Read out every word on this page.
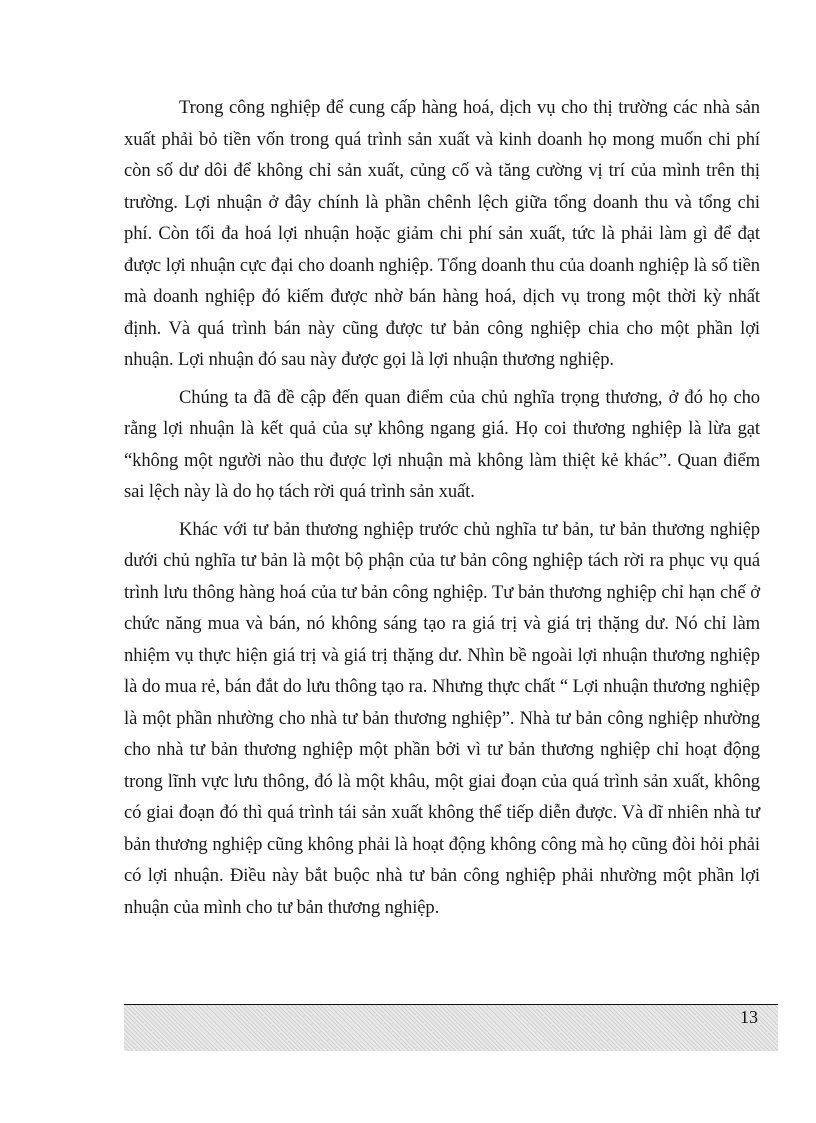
Trong công nghiệp để cung cấp hàng hoá, dịch vụ cho thị trường các nhà sản xuất phải bỏ tiền vốn trong quá trình sản xuất và kinh doanh họ mong muốn chi phí còn số dư dôi để không chỉ sản xuất, củng cố và tăng cường vị trí của mình trên thị trường. Lợi nhuận ở đây chính là phần chênh lệch giữa tổng doanh thu và tổng chi phí. Còn tối đa hoá lợi nhuận hoặc giảm chi phí sản xuất, tức là phải làm gì để đạt được lợi nhuận cực đại cho doanh nghiệp. Tổng doanh thu của doanh nghiệp là số tiền mà doanh nghiệp đó kiếm được nhờ bán hàng hoá, dịch vụ trong một thời kỳ nhất định. Và quá trình bán này cũng được tư bản công nghiệp chia cho một phần lợi nhuận. Lợi nhuận đó sau này được gọi là lợi nhuận thương nghiệp.

Chúng ta đã đề cập đến quan điểm của chủ nghĩa trọng thương, ở đó họ cho rằng lợi nhuận là kết quả của sự không ngang giá. Họ coi thương nghiệp là lừa gạt “không một người nào thu được lợi nhuận mà không làm thiệt kẻ khác”. Quan điểm sai lệch này là do họ tách rời quá trình sản xuất.

Khác với tư bản thương nghiệp trước chủ nghĩa tư bản, tư bản thương nghiệp dưới chủ nghĩa tư bản là một bộ phận của tư bản công nghiệp tách rời ra phục vụ quá trình lưu thông hàng hoá của tư bản công nghiệp. Tư bản thương nghiệp chỉ hạn chế ở chức năng mua và bán, nó không sáng tạo ra giá trị và giá trị thặng dư. Nó chỉ làm nhiệm vụ thực hiện giá trị và giá trị thặng dư. Nhìn bề ngoài lợi nhuận thương nghiệp là do mua rẻ, bán đắt do lưu thông tạo ra. Nhưng thực chất “ Lợi nhuận thương nghiệp là một phần nhường cho nhà tư bản thương nghiệp”. Nhà tư bản công nghiệp nhường cho nhà tư bản thương nghiệp một phần bởi vì tư bản thương nghiệp chỉ hoạt động trong lĩnh vực lưu thông, đó là một khâu, một giai đoạn của quá trình sản xuất, không có giai đoạn đó thì quá trình tái sản xuất không thể tiếp diễn được. Và dĩ nhiên nhà tư bản thương nghiệp cũng không phải là hoạt động không công mà họ cũng đòi hỏi phải có lợi nhuận. Điều này bắt buộc nhà tư bản công nghiệp phải nhường một phần lợi nhuận của mình cho tư bản thương nghiệp.

13
